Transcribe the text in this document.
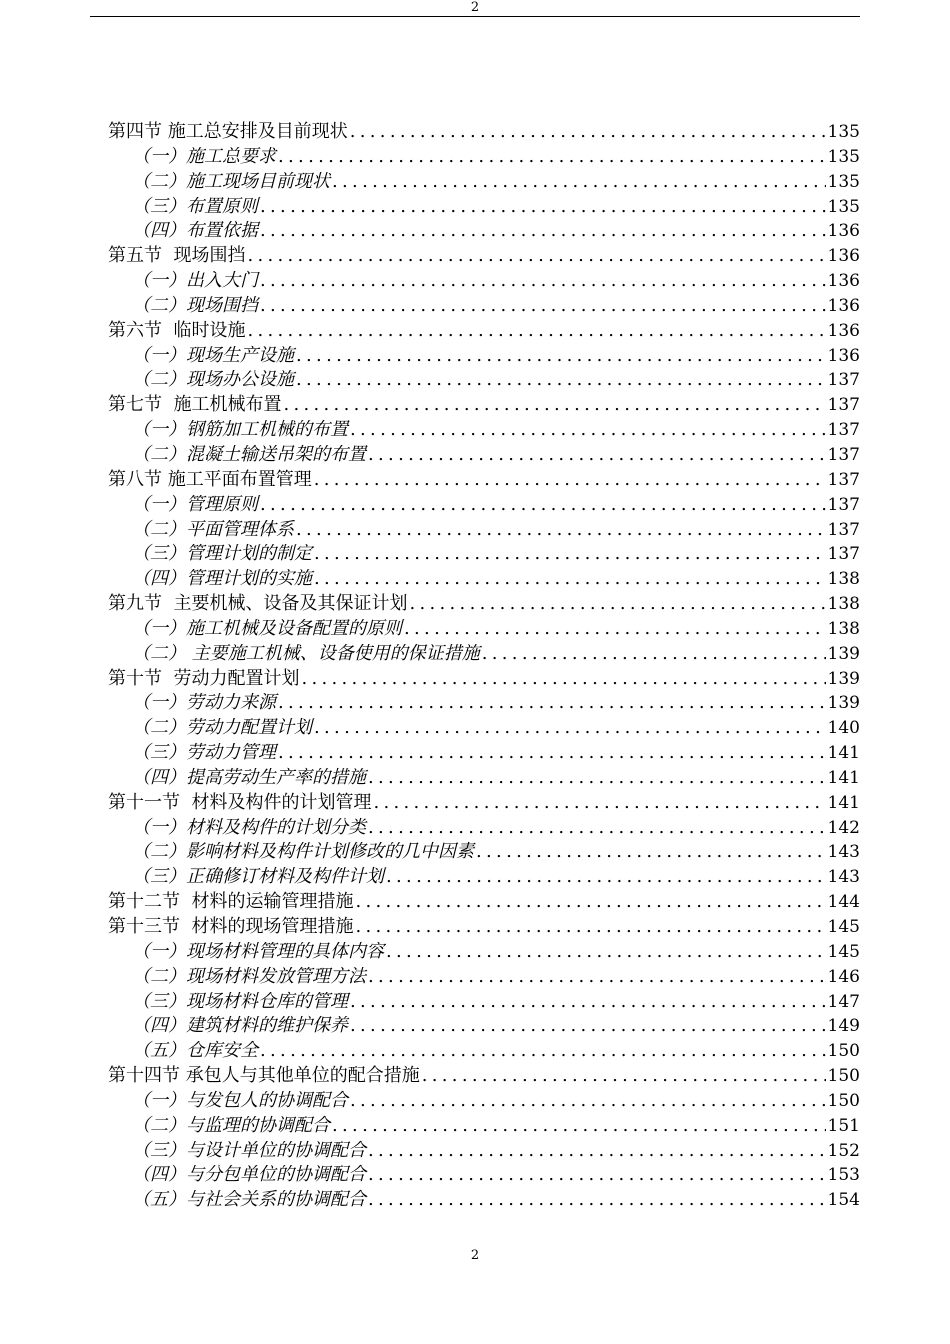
2
第四节 施工总安排及目前现状 .....	135
（一）施工总要求 .....	135
（二）施工现场目前现状 .....	135
（三）布置原则 .....	135
（四）布置依据 .....	136
第五节  现场围挡 .....	136
（一）出入大门 .....	136
（二）现场围挡 .....	136
第六节  临时设施 .....	136
（一）现场生产设施 .....	136
（二）现场办公设施 .....	137
第七节  施工机械布置 .....	137
（一）钢筋加工机械的布置 .....	137
（二）混凝土输送吊架的布置 .....	137
第八节 施工平面布置管理 .....	137
（一）管理原则 .....	137
（二）平面管理体系 .....	137
（三）管理计划的制定 .....	137
（四）管理计划的实施 .....	138
第九节  主要机械、设备及其保证计划 .....	138
（一）施工机械及设备配置的原则 .....	138
（二） 主要施工机械、设备使用的保证措施 .....	139
第十节  劳动力配置计划 .....	139
（一）劳动力来源 .....	139
（二）劳动力配置计划 .....	140
（三）劳动力管理 .....	141
（四）提高劳动生产率的措施 .....	141
第十一节  材料及构件的计划管理 .....	141
（一）材料及构件的计划分类 .....	142
（二）影响材料及构件计划修改的几中因素 .....	143
（三）正确修订材料及构件计划 .....	143
第十二节  材料的运输管理措施 .....	144
第十三节  材料的现场管理措施 .....	145
（一）现场材料管理的具体内容 .....	145
（二）现场材料发放管理方法 .....	146
（三）现场材料仓库的管理 .....	147
（四）建筑材料的维护保养 .....	149
（五）仓库安全 .....	150
第十四节 承包人与其他单位的配合措施 .....	150
（一）与发包人的协调配合 .....	150
（二）与监理的协调配合 .....	151
（三）与设计单位的协调配合 .....	152
（四）与分包单位的协调配合 .....	153
（五）与社会关系的协调配合 .....	154
2
